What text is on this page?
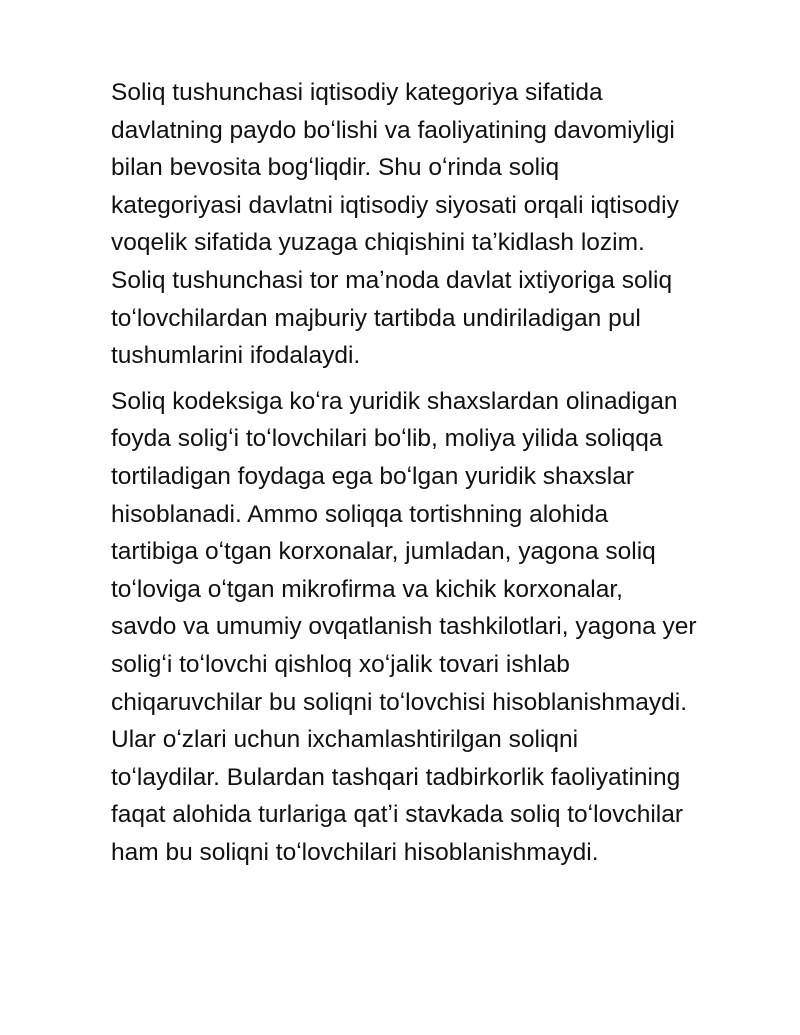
Soliq tushunchasi iqtisodiy kategoriya sifatida
davlatning paydo boʻlishi va faoliyatining davomiyligi
bilan bevosita bogʻliqdir. Shu oʻrinda soliq
kategoriyasi davlatni iqtisodiy siyosati orqali iqtisodiy
voqelik sifatida yuzaga chiqishini taʼkidlash lozim.
Soliq tushunchasi tor maʼnoda davlat ixtiyoriga soliq
toʻlovchilardan majburiy tartibda undiriladigan pul
tushumlarini ifodalaydi.

Soliq kodeksiga koʻra yuridik shaxslardan olinadigan
foyda soligʻi toʻlovchilari boʻlib, moliya yilida soliqqa
tortiladigan foydaga ega boʻlgan yuridik shaxslar
hisoblanadi. Ammo soliqqa tortishning alohida
tartibiga oʻtgan korxonalar, jumladan, yagona soliq
toʻloviga oʻtgan mikrofirma va kichik korxonalar,
savdo va umumiy ovqatlanish tashkilotlari, yagona yer
soligʻi toʻlovchi qishloq xoʻjalik tovari ishlab
chiqaruvchilar bu soliqni toʻlovchisi hisoblanishmaydi.
Ular oʻzlari uchun ixchamlashtirilgan soliqni
toʻlaydilar. Bulardan tashqari tadbirkorlik faoliyatining
faqat alohida turlariga qatʼi stavkada soliq toʻlovchilar
ham bu soliqni toʻlovchilari hisoblanishmaydi.
